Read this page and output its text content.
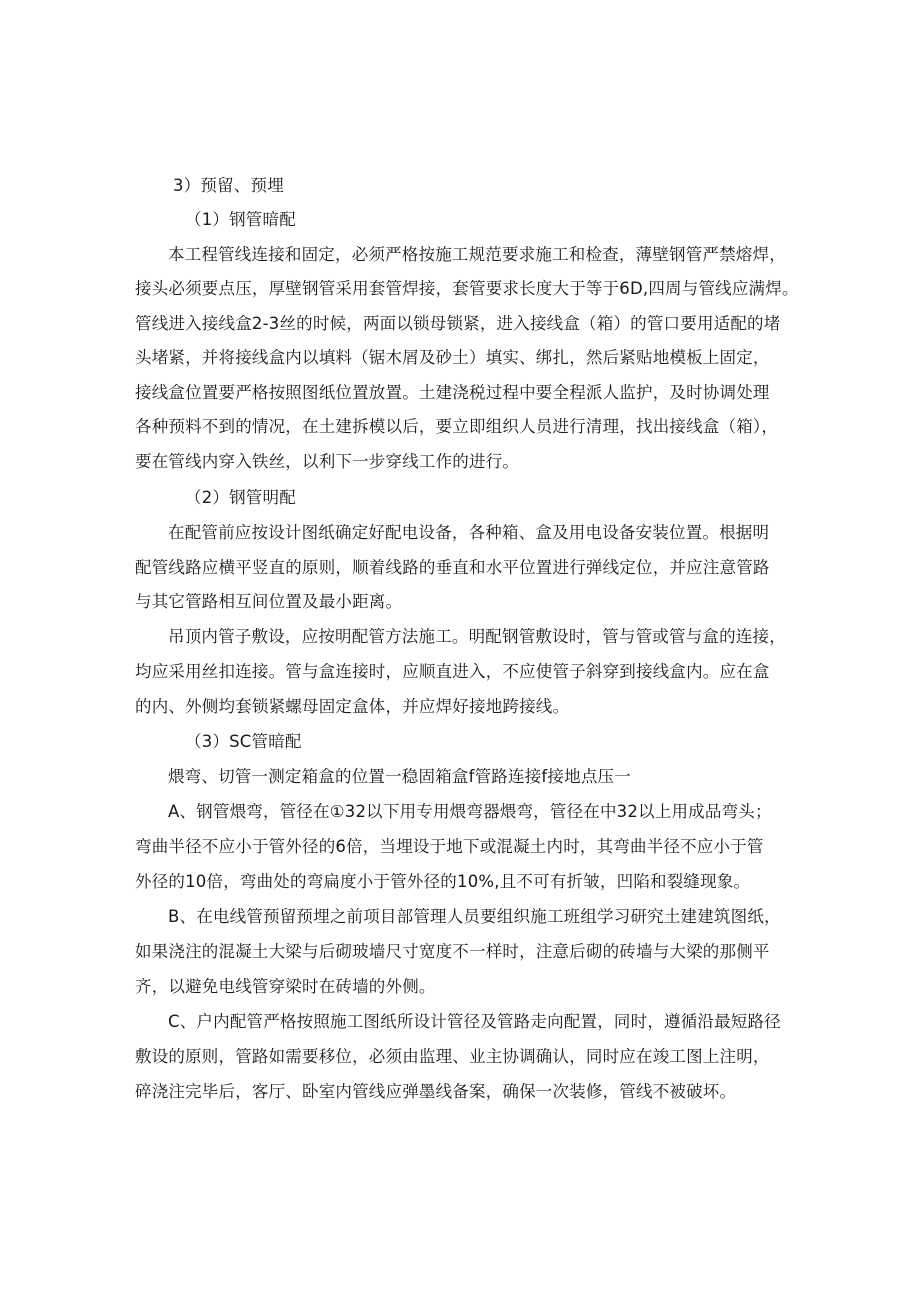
3）预留、预埋
（1）钢管暗配
本工程管线连接和固定，必须严格按施工规范要求施工和检查，薄壁钢管严禁熔焊，
接头必须要点压，厚壁钢管采用套管焊接，套管要求长度大于等于6D,四周与管线应满焊。
管线进入接线盒2-3丝的时候，两面以锁母锁紧，进入接线盒（箱）的管口要用适配的堵
头堵紧，并将接线盒内以填料（锯木屑及砂土）填实、绑扎，然后紧贴地模板上固定，
接线盒位置要严格按照图纸位置放置。土建浇税过程中要全程派人监护，及时协调处理
各种预料不到的情况，在土建拆模以后，要立即组织人员进行清理，找出接线盒（箱），
要在管线内穿入铁丝，以利下一步穿线工作的进行。
（2）钢管明配
在配管前应按设计图纸确定好配电设备，各种箱、盒及用电设备安装位置。根据明
配管线路应横平竖直的原则，顺着线路的垂直和水平位置进行弹线定位，并应注意管路
与其它管路相互间位置及最小距离。
吊顶内管子敷设，应按明配管方法施工。明配钢管敷设时，管与管或管与盒的连接，
均应采用丝扣连接。管与盒连接时，应顺直进入，不应使管子斜穿到接线盒内。应在盒
的内、外侧均套锁紧螺母固定盒体，并应焊好接地跨接线。
（3）SC管暗配
煨弯、切管一测定箱盒的位置一稳固箱盒f管路连接f接地点压一
A、钢管煨弯，管径在①32以下用专用煨弯器煨弯，管径在中32以上用成品弯头；
弯曲半径不应小于管外径的6倍，当埋设于地下或混凝土内时，其弯曲半径不应小于管
外径的10倍，弯曲处的弯扁度小于管外径的10%,且不可有折皱，凹陷和裂缝现象。
B、在电线管预留预埋之前项目部管理人员要组织施工班组学习研究土建建筑图纸，
如果浇注的混凝土大梁与后砌玻墙尺寸宽度不一样时，注意后砌的砖墙与大梁的那侧平
齐，以避免电线管穿梁时在砖墙的外侧。
C、户内配管严格按照施工图纸所设计管径及管路走向配置，同时，遵循沿最短路径
敷设的原则，管路如需要移位，必须由监理、业主协调确认，同时应在竣工图上注明，
碎浇注完毕后，客厅、卧室内管线应弹墨线备案，确保一次装修，管线不被破坏。
